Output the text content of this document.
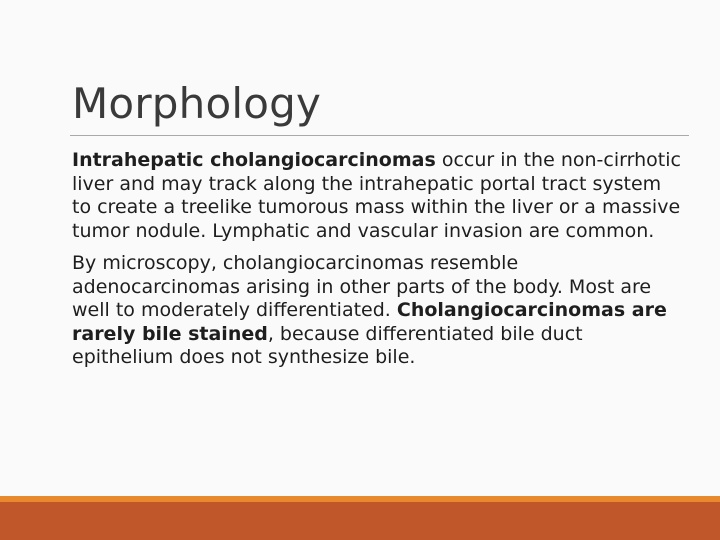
Morphology

Intrahepatic cholangiocarcinomas occur in the non-cirrhotic liver and may track along the intrahepatic portal tract system to create a treelike tumorous mass within the liver or a massive tumor nodule. Lymphatic and vascular invasion are common.

By microscopy, cholangiocarcinomas resemble adenocarcinomas arising in other parts of the body. Most are well to moderately differentiated. Cholangiocarcinomas are rarely bile stained, because differentiated bile duct epithelium does not synthesize bile.
